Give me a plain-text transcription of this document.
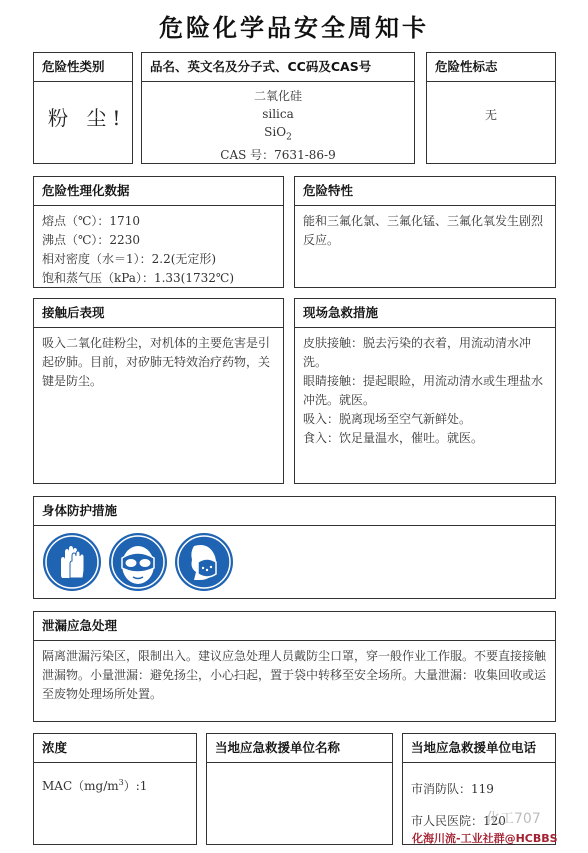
危险化学品安全周知卡
危险性类别
粉 尘!
品名、英文名及分子式、CC码及CAS号
二氧化硅
silica
SiO$_2$
CAS 号：7631-86-9
危险性标志
无
危险性理化数据
熔点（℃）：1710
沸点（℃）：2230
相对密度（水＝1）：2.2(无定形)
饱和蒸气压（kPa）：1.33(1732℃)
危险特性
能和三氟化氯、三氟化锰、三氟化氧发生剧烈反应。
接触后表现
吸入二氧化硅粉尘，对机体的主要危害是引起矽肺。目前，对矽肺无特效治疗药物，关键是防尘。
现场急救措施
皮肤接触：脱去污染的衣着，用流动清水冲洗。
眼睛接触：提起眼睑，用流动清水或生理盐水冲洗。就医。
吸入：脱离现场至空气新鲜处。
食入：饮足量温水，催吐。就医。
身体防护措施
泄漏应急处理
隔离泄漏污染区，限制出入。建议应急处理人员戴防尘口罩，穿一般作业工作服。不要直接接触泄漏物。小量泄漏：避免扬尘，小心扫起，置于袋中转移至安全场所。大量泄漏：收集回收或运至废物处理场所处置。
浓度
$MAC(mg/m^3):1$
当地应急救援单位名称	当地应急救援单位电话
市消防队：119
市人民医院：120
化工707
化海川流-工业社群@HCBBS
